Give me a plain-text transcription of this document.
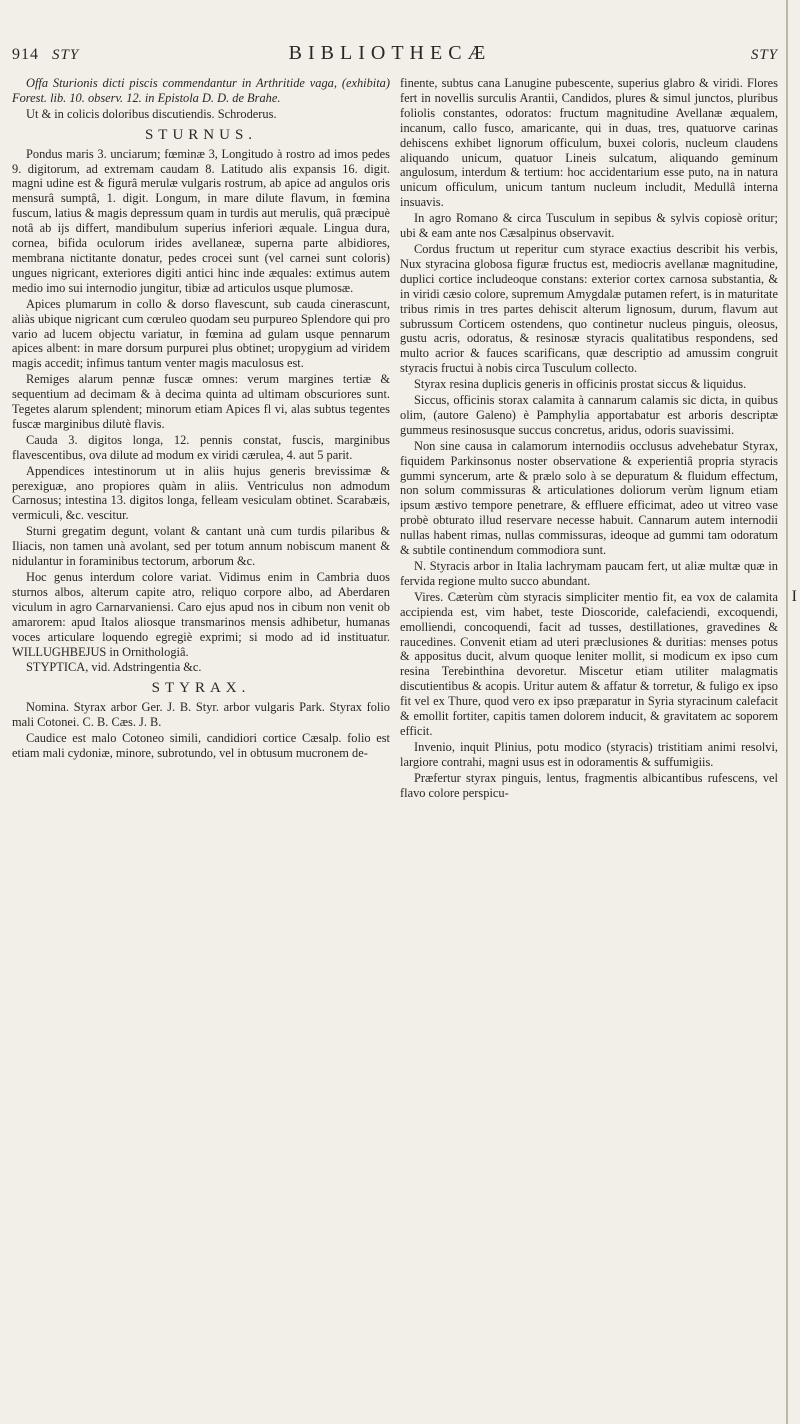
914 STY	BIBLIOTHECÆ	STY

Offa Sturionis dicti piscis commendantur in Arthritide vaga, (exhibita) Forest. lib. 10. observ. 12. in Epistola D. D. de Brahe.

Ut & in colicis doloribus discutiendis. Schroderus.

STURNUS.

Pondus maris 3. unciarum; fœminæ 3, Longitudo à rostro ad imos pedes 9. digitorum, ad extremam caudam 8. Latitudo alis expansis 16. digit. magni udine est & figurâ merulæ vulgaris rostrum, ab apice ad angulos oris mensurâ sumptâ, 1. digit. Longum, in mare dilute flavum, in fœmina fuscum, latius & magis depressum quam in turdis aut merulis, quâ præcipuè notâ ab ijs differt, mandibulum superius inferiori æquale. Lingua dura, cornea, bifida oculorum irides avellaneæ, superna parte albidiores, membrana nictitante donatur, pedes crocei sunt (vel carnei sunt coloris) ungues nigricant, exteriores digiti antici hinc inde æquales: extimus autem medio imo sui internodio jungitur, tibiæ ad articulos usque plumosæ.

Apices plumarum in collo & dorso flavescunt, sub cauda cinerascunt, aliàs ubique nigricant cum cœruleo quodam seu purpureo Splendore qui pro vario ad lucem objectu variatur, in fœmina ad gulam usque pennarum apices albent: in mare dorsum purpurei plus obtinet; uropygium ad viridem magis accedit; infimus tantum venter magis maculosus est.

Remiges alarum pennæ fuscæ omnes: verum margines tertiæ & sequentium ad decimam & à decima quinta ad ultimam obscuriores sunt. Tegetes alarum splendent; minorum etiam Apices fl vi, alas subtus tegentes fuscæ marginibus dilutè flavis.

Cauda 3. digitos longa, 12. pennis constat, fuscis, marginibus flavescentibus, ova dilute ad modum ex viridi cærulea, 4. aut 5 parit.

Appendices intestinorum ut in aliis hujus generis brevissimæ & perexiguæ, ano propiores quàm in aliis. Ventriculus non admodum Carnosus; intestina 13. digitos longa, felleam vesiculam obtinet. Scarabæis, vermiculi, &c. vescitur.

Sturni gregatim degunt, volant & cantant unà cum turdis pilaribus & Iliacis, non tamen unà avolant, sed per totum annum nobiscum manent & nidulantur in foraminibus tectorum, arborum &c.

Hoc genus interdum colore variat. Vidimus enim in Cambria duos sturnos albos, alterum capite atro, reliquo corpore albo, ad Aberdaren viculum in agro Carnarvaniensi. Caro ejus apud nos in cibum non venit ob amarorem: apud Italos aliosque transmarinos mensis adhibetur, humanas voces articulare loquendo egregiè exprimi; si modo ad id instituatur. WILLUGHBEJUS in Ornithologiâ.

STYPTICA, vid. Adstringentia &c.

STYRAX.

Nomina. Styrax arbor Ger. J. B. Styr. arbor vulgaris Park. Styrax folio mali Cotonei. C. B. Cæs. J. B.

Caudice est malo Cotoneo simili, candidiori cortice Cæsalp. folio est etiam mali cydoniæ, minore, subrotundo, vel in obtusum mucronem de-

finente, subtus cana Lanugine pubescente, superius glabro & viridi. Flores fert in novellis surculis Arantii, Candidos, plures & simul junctos, pluribus foliolis constantes, odoratos: fructum magnitudine Avellanæ æqualem, incanum, callo fusco, amaricante, qui in duas, tres, quatuorve carinas dehiscens exhibet lignorum officulum, buxei coloris, nucleum claudens aliquando unicum, quatuor Lineis sulcatum, aliquando geminum angulosum, interdum & tertium: hoc accidentarium esse puto, na in natura unicum officulum, unicum tantum nucleum includit, Medullâ interna insuavis.

In agro Romano & circa Tusculum in sepibus & sylvis copiosè oritur; ubi & eam ante nos Cæsalpinus observavit.

Cordus fructum ut reperitur cum styrace exactius describit his verbis, Nux styracina globosa figuræ fructus est, mediocris avellanæ magnitudine, duplici cortice includeoque constans: exterior cortex carnosa substantia, & in viridi cæsio colore, supremum Amygdalæ putamen refert, is in maturitate tribus rimis in tres partes dehiscit alterum lignosum, durum, flavum aut subrussum Corticem ostendens, quo continetur nucleus pinguis, oleosus, gustu acris, odoratus, & resinosæ styracis qualitatibus respondens, sed multo acrior & fauces scarificans, quæ descriptio ad amussim congruit styracis fructui à nobis circa Tusculum collecto.

Styrax resina duplicis generis in officinis prostat siccus & liquidus.

Siccus, officinis storax calamita à cannarum calamis sic dicta, in quibus olim, (autore Galeno) è Pamphylia apportabatur est arboris descriptæ gummeus resinosusque succus concretus, aridus, odoris suavissimi.

Non sine causa in calamorum internodiis occlusus advehebatur Styrax, fiquidem Parkinsonus noster observatione & experientiâ propria styracis gummi syncerum, arte & prælo solo à se depuratum & fluidum effectum, non solum commissuras & articulationes doliorum verùm lignum etiam ipsum æstivo tempore penetrare, & effluere efficimat, adeo ut vitreo vase probè obturato illud reservare necesse habuit. Cannarum autem internodii nullas habent rimas, nullas commissuras, ideoque ad gummi tam odoratum & subtile continendum commodiora sunt.

N. Styracis arbor in Italia lachrymam paucam fert, ut aliæ multæ quæ in fervida regione multo succo abundant.

Vires. Cæterùm cùm styracis simpliciter mentio fit, ea vox de calamita accipienda est, vim habet, teste Dioscoride, calefaciendi, excoquendi, emolliendi, concoquendi, facit ad tusses, destillationes, gravedines & raucedines. Convenit etiam ad uteri præclusiones & duritias: menses potus & appositus ducit, alvum quoque leniter mollit, si modicum ex ipso cum resina Terebinthina devoretur. Miscetur etiam utiliter malagmatis discutientibus & acopis. Uritur autem & affatur & torretur, & fuligo ex ipso fit vel ex Thure, quod vero ex ipso præparatur in Syria styracinum calefacit & emollit fortiter, capitis tamen dolorem inducit, & gravitatem ac soporem efficit.

Invenio, inquit Plinius, potu modico (styracis) tristitiam animi resolvi, largiore contrahi, magni usus est in odoramentis & suffumigiis.

Præfertur styrax pinguis, lentus, fragmentis albicantibus rufescens, vel flavo colore perspicu-

I
